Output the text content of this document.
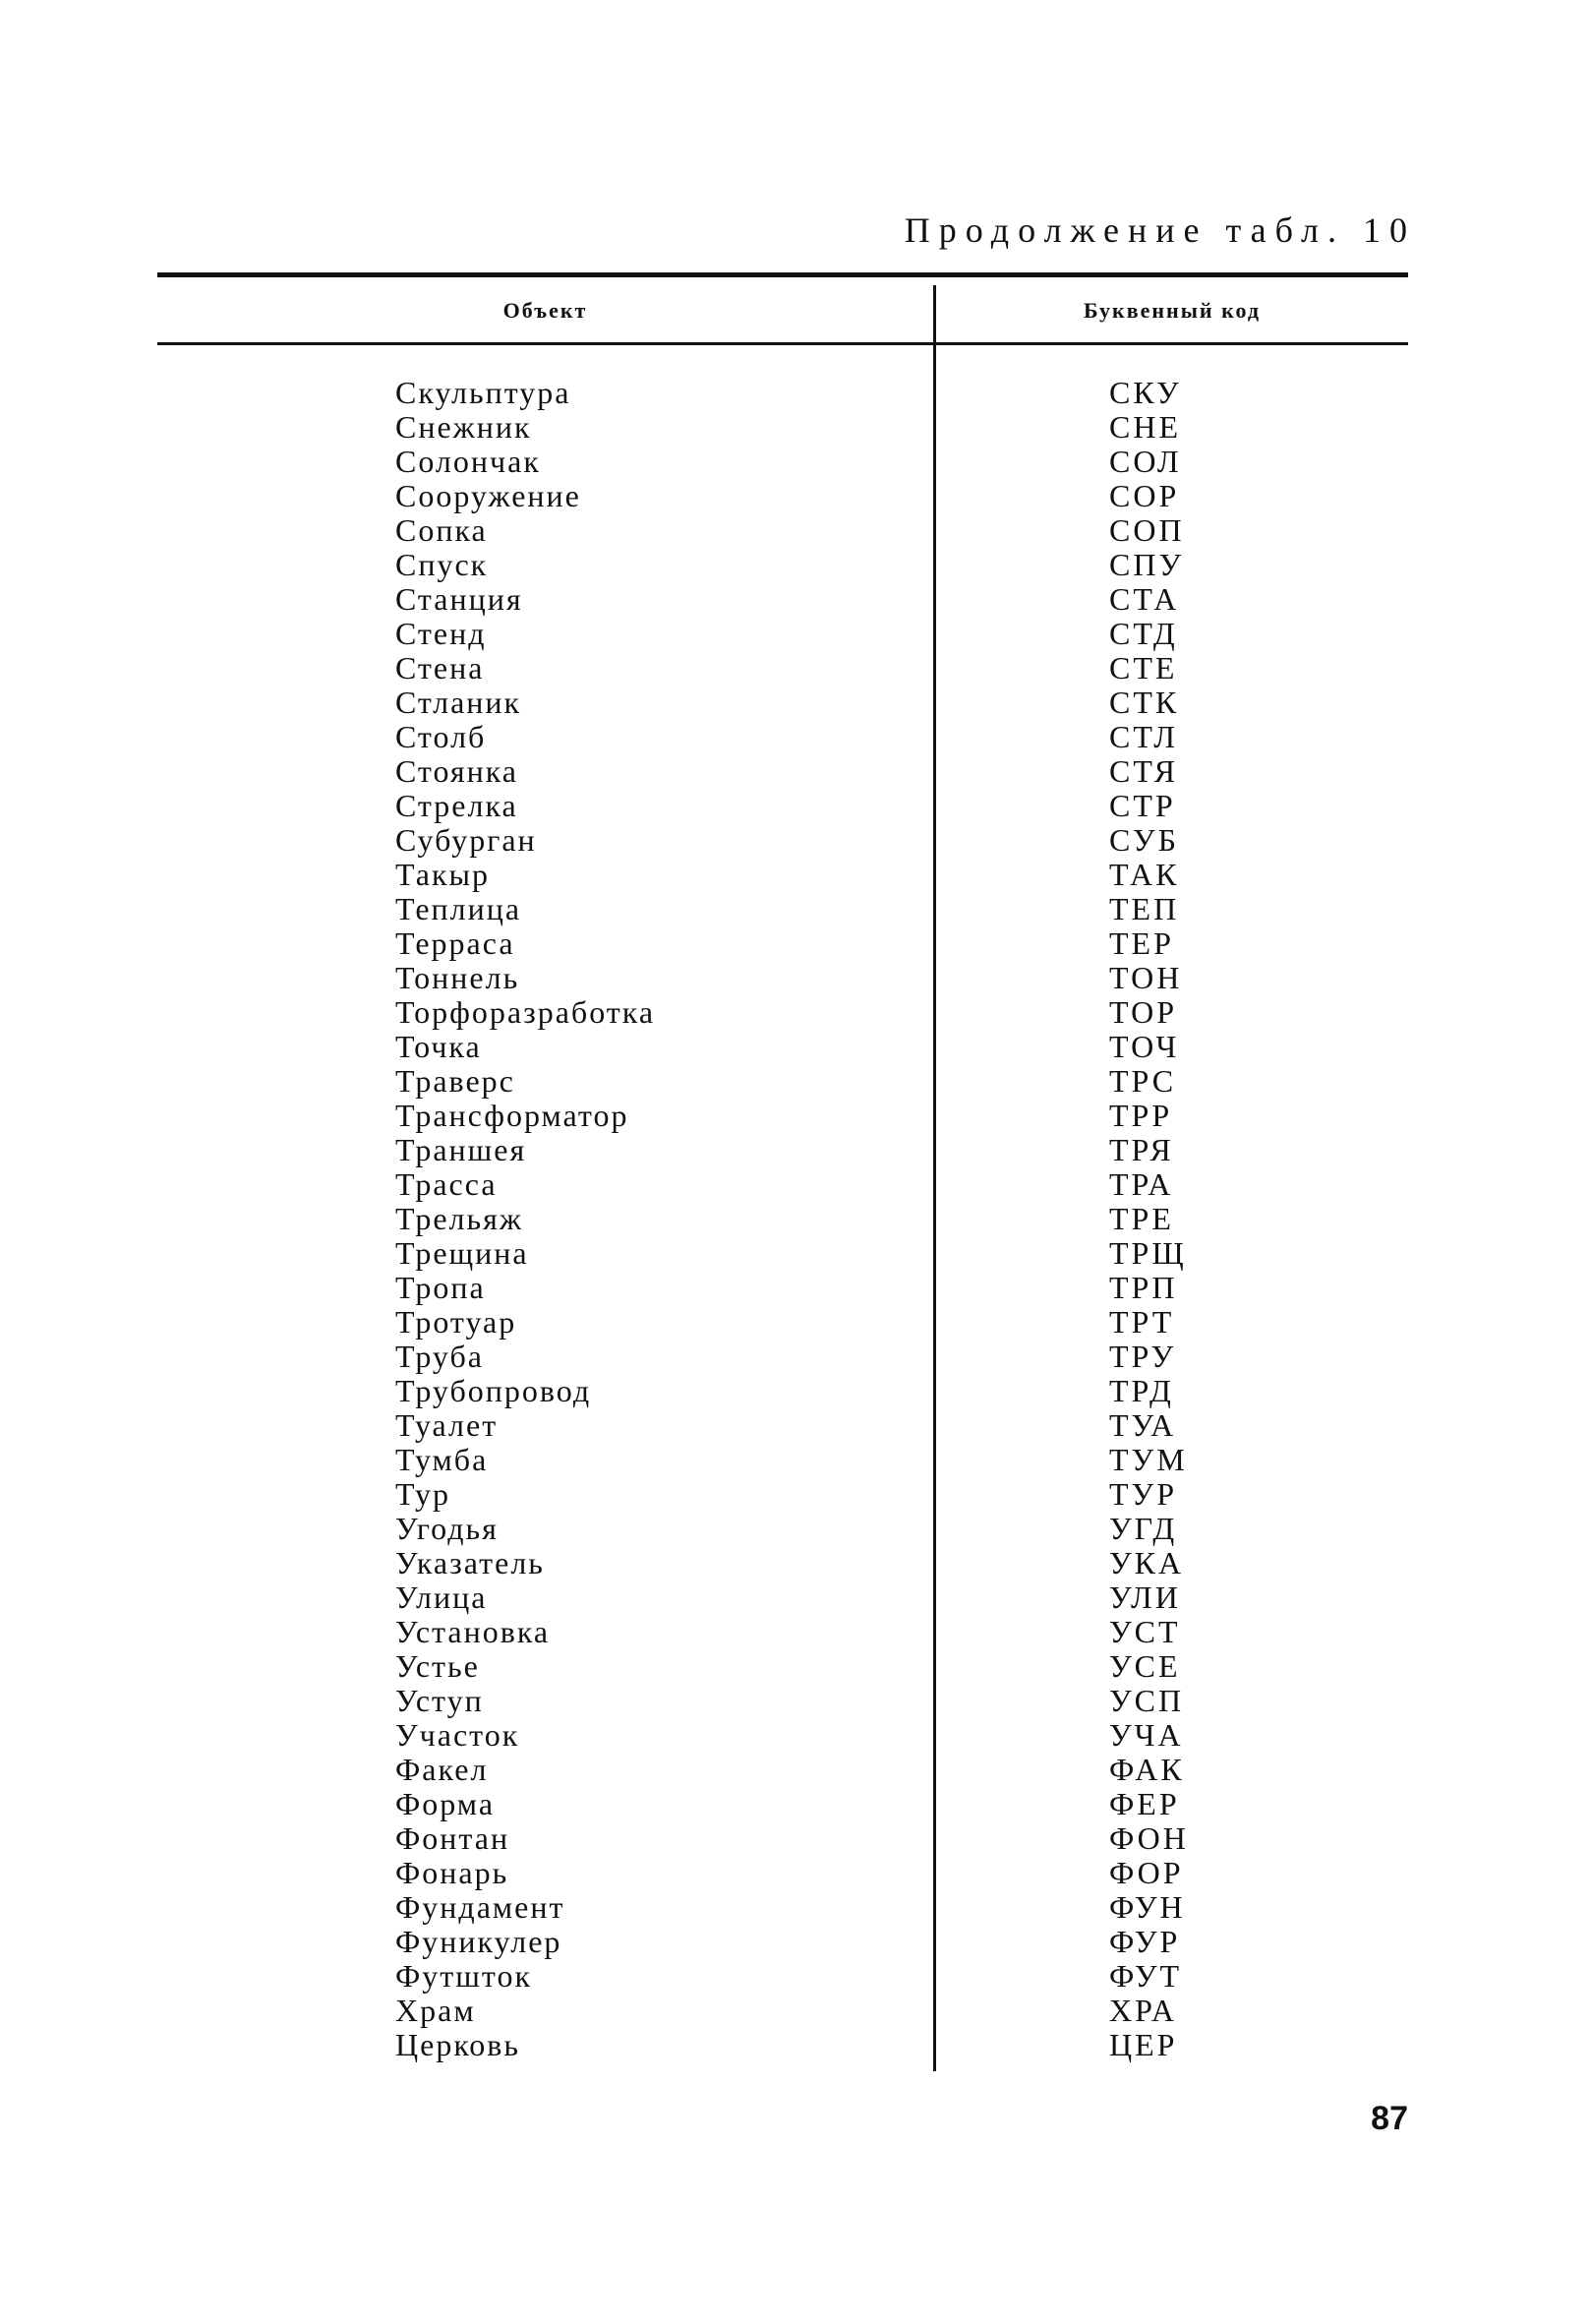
Продолжение табл. 10
Объект	Буквенный код
Скульптура	СКУ
Снежник	СНЕ
Солончак	СОЛ
Сооружение	СОР
Сопка	СОП
Спуск	СПУ
Станция	СТА
Стенд	СТД
Стена	СТЕ
Стланик	СТК
Столб	СТЛ
Стоянка	СТЯ
Стрелка	СТР
Субурган	СУБ
Такыр	ТАК
Теплица	ТЕП
Терраса	ТЕР
Тоннель	ТОН
Торфоразработка	ТОР
Точка	ТОЧ
Траверс	ТРС
Трансформатор	ТРР
Траншея	ТРЯ
Трасса	ТРА
Трельяж	ТРЕ
Трещина	ТРЩ
Тропа	ТРП
Тротуар	ТРТ
Труба	ТРУ
Трубопровод	ТРД
Туалет	ТУА
Тумба	ТУМ
Тур	ТУР
Угодья	УГД
Указатель	УКА
Улица	УЛИ
Установка	УСТ
Устье	УСЕ
Уступ	УСП
Участок	УЧА
Факел	ФАК
Форма	ФЕР
Фонтан	ФОН
Фонарь	ФОР
Фундамент	ФУН
Фуникулер	ФУР
Футшток	ФУТ
Храм	ХРА
Церковь	ЦЕР
87
